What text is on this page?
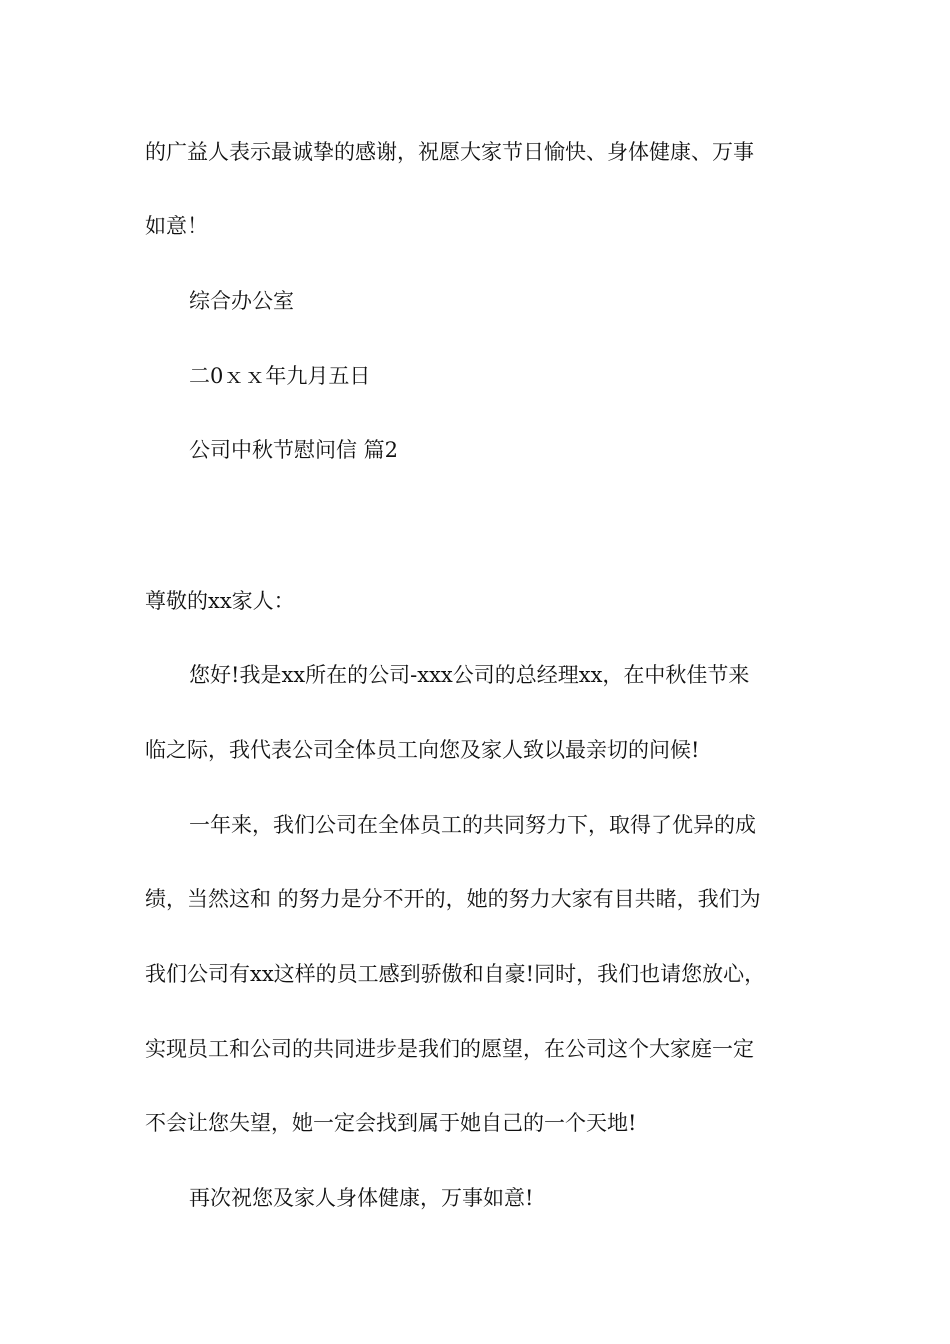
的广益人表示最诚挚的感谢，祝愿大家节日愉快、身体健康、万事
如意！
综合办公室
二0ｘｘ年九月五日
公司中秋节慰问信 篇2
尊敬的xx家人：
您好!我是xx所在的公司-xxx公司的总经理xx，在中秋佳节来
临之际，我代表公司全体员工向您及家人致以最亲切的问候!
一年来，我们公司在全体员工的共同努力下，取得了优异的成
绩，当然这和 的努力是分不开的，她的努力大家有目共睹，我们为
我们公司有xx这样的员工感到骄傲和自豪!同时，我们也请您放心，
实现员工和公司的共同进步是我们的愿望，在公司这个大家庭一定
不会让您失望，她一定会找到属于她自己的一个天地!
再次祝您及家人身体健康，万事如意!
